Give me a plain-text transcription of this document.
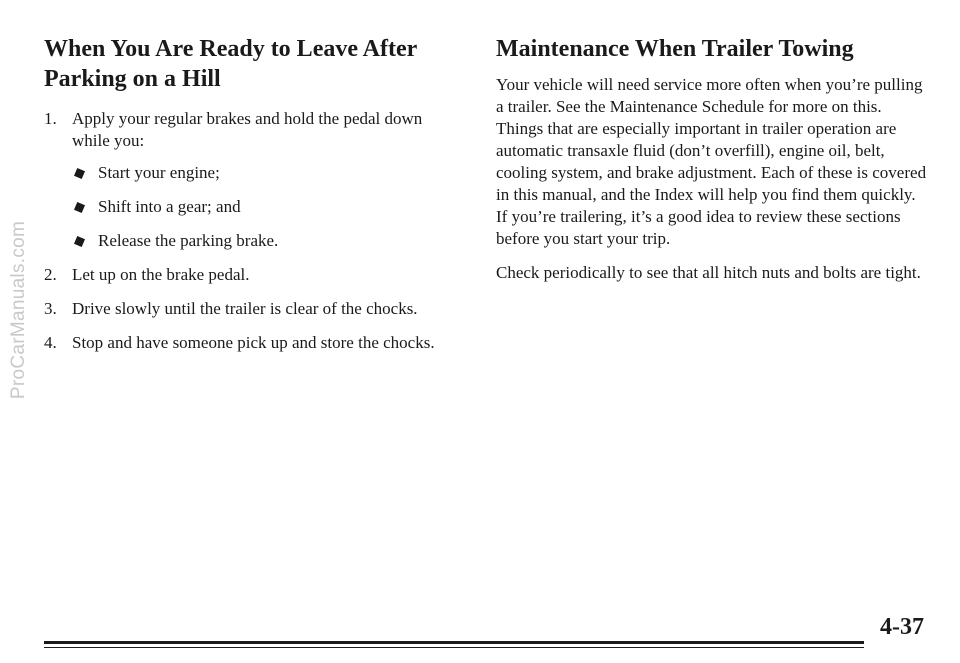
ProCarManuals.com
When You Are Ready to Leave After
Parking on a Hill
1. Apply your regular brakes and hold the pedal down while you:
Start your engine;
Shift into a gear; and
Release the parking brake.
2. Let up on the brake pedal.
3. Drive slowly until the trailer is clear of the chocks.
4. Stop and have someone pick up and store the chocks.
Maintenance When Trailer Towing

Your vehicle will need service more often when you’re pulling a trailer. See the Maintenance Schedule for more on this. Things that are especially important in trailer operation are automatic transaxle fluid (don’t overfill), engine oil, belt, cooling system, and brake adjustment. Each of these is covered in this manual, and the Index will help you find them quickly. If you’re trailering, it’s a good idea to review these sections before you start your trip.

Check periodically to see that all hitch nuts and bolts are tight.

4-37
